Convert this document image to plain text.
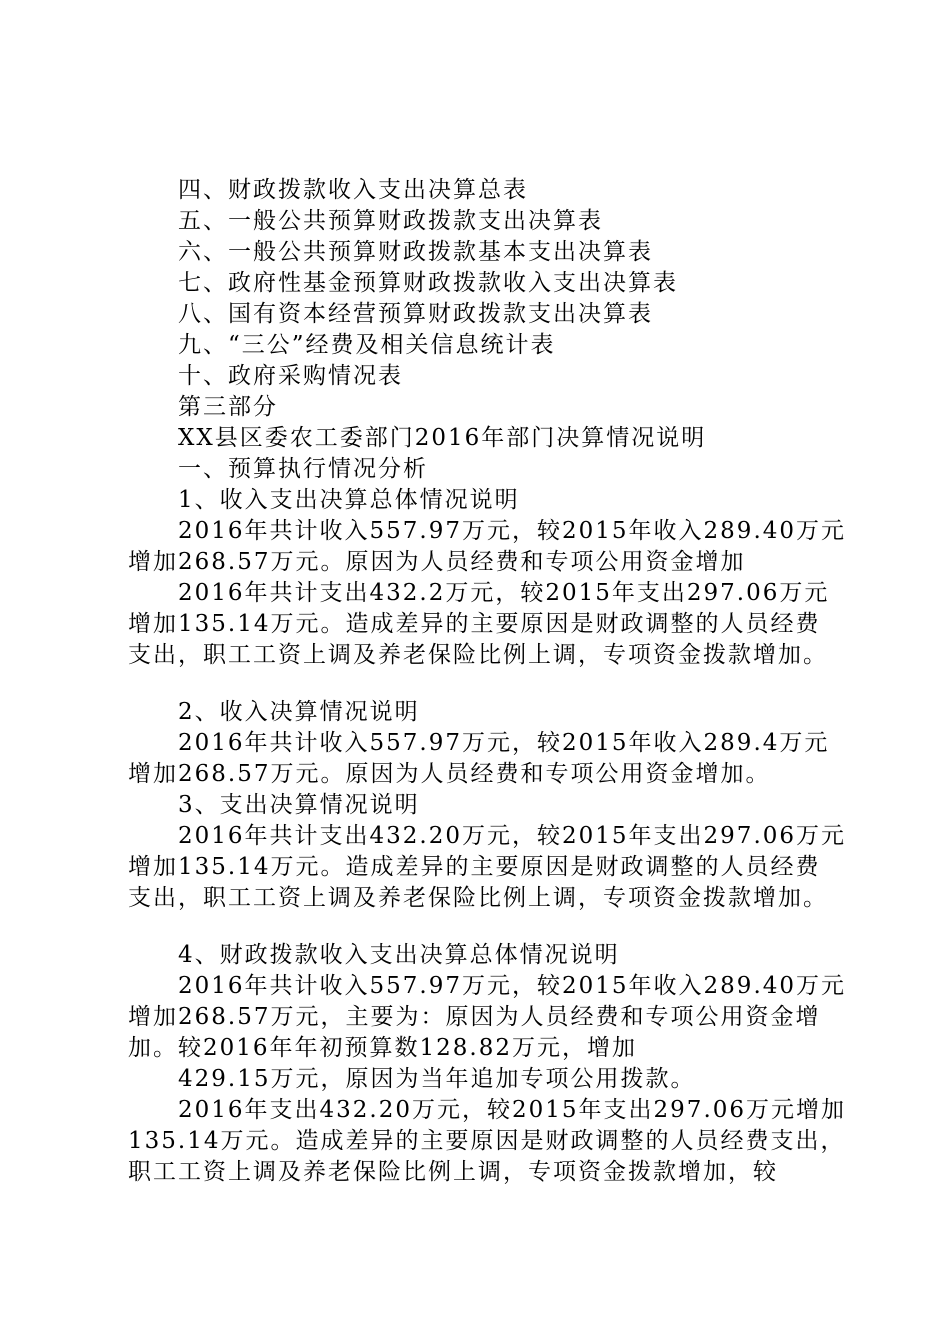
四、财政拨款收入支出决算总表

五、一般公共预算财政拨款支出决算表

六、一般公共预算财政拨款基本支出决算表

七、政府性基金预算财政拨款收入支出决算表

八、国有资本经营预算财政拨款支出决算表

九、“三公”经费及相关信息统计表

十、政府采购情况表

第三部分

XX县区委农工委部门2016年部门决算情况说明

一、预算执行情况分析

1、收入支出决算总体情况说明

2016年共计收入557.97万元，较2015年收入289.40万元

增加268.57万元。原因为人员经费和专项公用资金增加

2016年共计支出432.2万元，较2015年支出297.06万元

增加135.14万元。造成差异的主要原因是财政调整的人员经费

支出，职工工资上调及养老保险比例上调，专项资金拨款增加。

2、收入决算情况说明

2016年共计收入557.97万元，较2015年收入289.4万元

增加268.57万元。原因为人员经费和专项公用资金增加。

3、支出决算情况说明

2016年共计支出432.20万元，较2015年支出297.06万元

增加135.14万元。造成差异的主要原因是财政调整的人员经费

支出，职工工资上调及养老保险比例上调，专项资金拨款增加。

4、财政拨款收入支出决算总体情况说明

2016年共计收入557.97万元，较2015年收入289.40万元

增加268.57万元，主要为：原因为人员经费和专项公用资金增

加。较2016年年初预算数128.82万元，增加

429.15万元，原因为当年追加专项公用拨款。

2016年支出432.20万元，较2015年支出297.06万元增加

135.14万元。造成差异的主要原因是财政调整的人员经费支出，

职工工资上调及养老保险比例上调，专项资金拨款增加，较
